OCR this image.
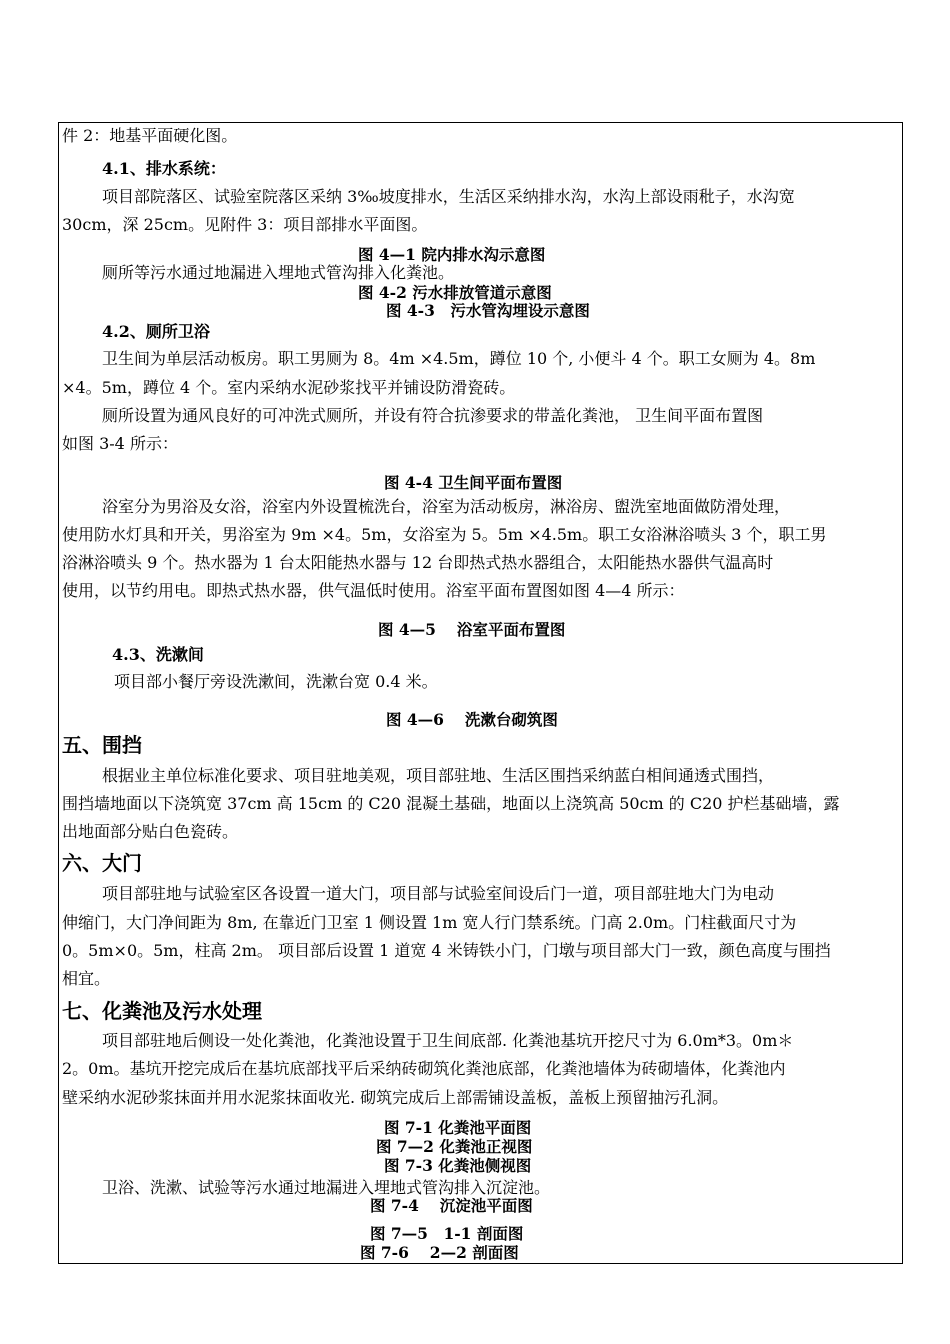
件 2：地基平面硬化图。
4.1、排水系统：
项目部院落区、试验室院落区采纳 3‰坡度排水，生活区采纳排水沟，水沟上部设雨秕子，水沟宽
30cm，深 25cm。见附件 3：项目部排水平面图。
图 4—1 院内排水沟示意图
厕所等污水通过地漏进入埋地式管沟排入化粪池。
图 4-2 污水排放管道示意图
图 4-3　污水管沟埋设示意图
4.2、厕所卫浴
卫生间为单层活动板房。职工男厕为 8。4m ×4.5m，蹲位 10 个, 小便斗 4 个。职工女厕为 4。8m
×4。5m，蹲位 4 个。室内采纳水泥砂浆找平并铺设防滑瓷砖。
厕所设置为通风良好的可冲洗式厕所，并设有符合抗渗要求的带盖化粪池， 卫生间平面布置图
如图 3-4 所示：
图 4-4 卫生间平面布置图
浴室分为男浴及女浴，浴室内外设置梳洗台，浴室为活动板房，淋浴房、盥洗室地面做防滑处理，
使用防水灯具和开关，男浴室为 9m ×4。5m，女浴室为 5。5m ×4.5m。职工女浴淋浴喷头 3 个，职工男
浴淋浴喷头 9 个。热水器为 1 台太阳能热水器与 12 台即热式热水器组合，太阳能热水器供气温高时
使用，以节约用电。即热式热水器，供气温低时使用。浴室平面布置图如图 4—4 所示：
图 4—5　 浴室平面布置图
4.3、洗漱间
项目部小餐厅旁设洗漱间，洗漱台宽 0.4 米。
图 4—6　 洗漱台砌筑图
五、围挡
根据业主单位标准化要求、项目驻地美观，项目部驻地、生活区围挡采纳蓝白相间通透式围挡，
围挡墙地面以下浇筑宽 37cm 高 15cm 的 C20 混凝土基础，地面以上浇筑高 50cm 的 C20 护栏基础墙，露
出地面部分贴白色瓷砖。
六、大门
项目部驻地与试验室区各设置一道大门，项目部与试验室间设后门一道，项目部驻地大门为电动
伸缩门，大门净间距为 8m, 在靠近门卫室 1 侧设置 1m 宽人行门禁系统。门高 2.0m。门柱截面尺寸为
0。5m×0。5m，柱高 2m。 项目部后设置 1 道宽 4 米铸铁小门，门墩与项目部大门一致，颜色高度与围挡
相宜。
七、化粪池及污水处理
项目部驻地后侧设一处化粪池，化粪池设置于卫生间底部. 化粪池基坑开挖尺寸为 6.0m*3。0m＊
2。0m。基坑开挖完成后在基坑底部找平后采纳砖砌筑化粪池底部，化粪池墙体为砖砌墙体，化粪池内
壁采纳水泥砂浆抹面并用水泥浆抹面收光. 砌筑完成后上部需铺设盖板，盖板上预留抽污孔洞。
图 7-1 化粪池平面图
图 7—2 化粪池正视图
图 7-3 化粪池侧视图
卫浴、洗漱、试验等污水通过地漏进入埋地式管沟排入沉淀池。
图 7-4　 沉淀池平面图
图 7—5　1-1 剖面图
图 7-6　 2—2 剖面图
